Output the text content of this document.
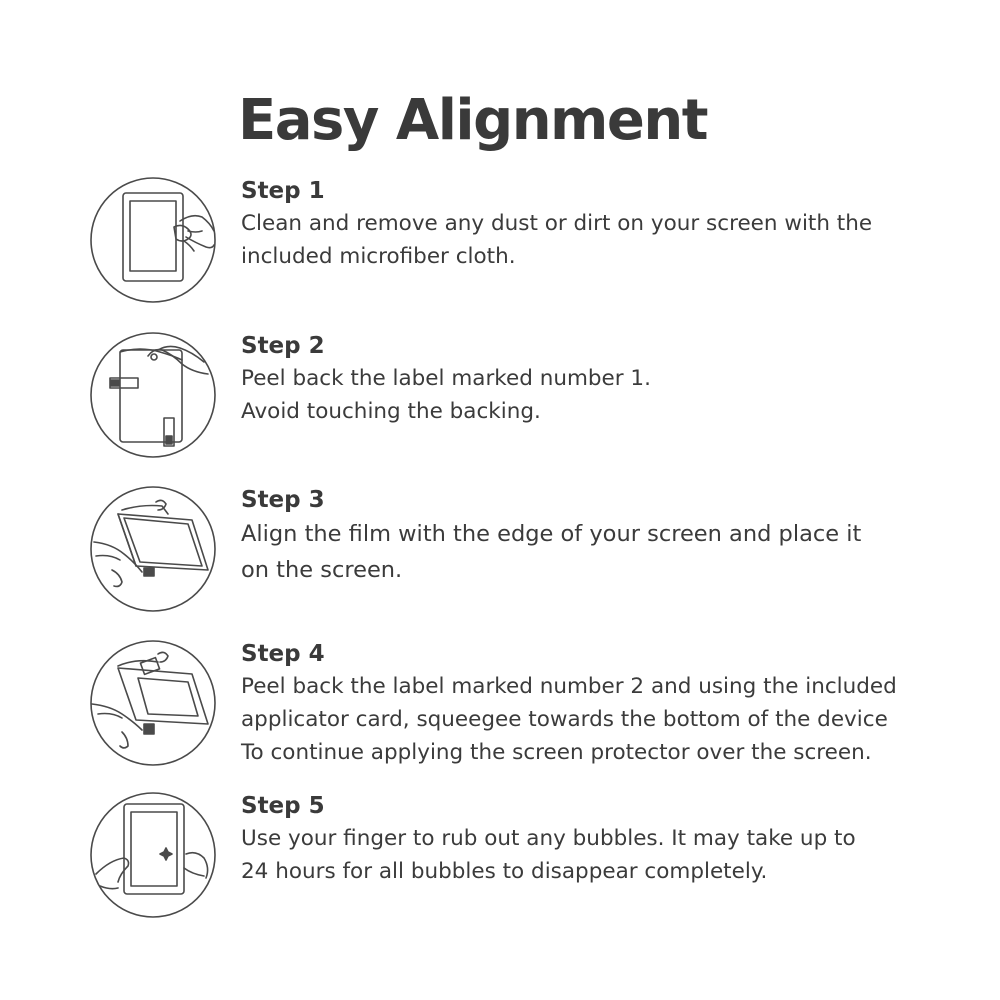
Easy Alignment
Step 1
Clean and remove any dust or dirt on your screen with the
included microfiber cloth.
Step 2
Peel back the label marked number 1.
Avoid touching the backing.
Step 3
Align the film with the edge of your screen and place it
on the screen.
Step 4
Peel back the label marked number 2 and using the included
applicator card, squeegee towards the bottom of the device
To continue applying the screen protector over the screen.
Step 5
Use your finger to rub out any bubbles. It may take up to
24 hours for all bubbles to disappear completely.
